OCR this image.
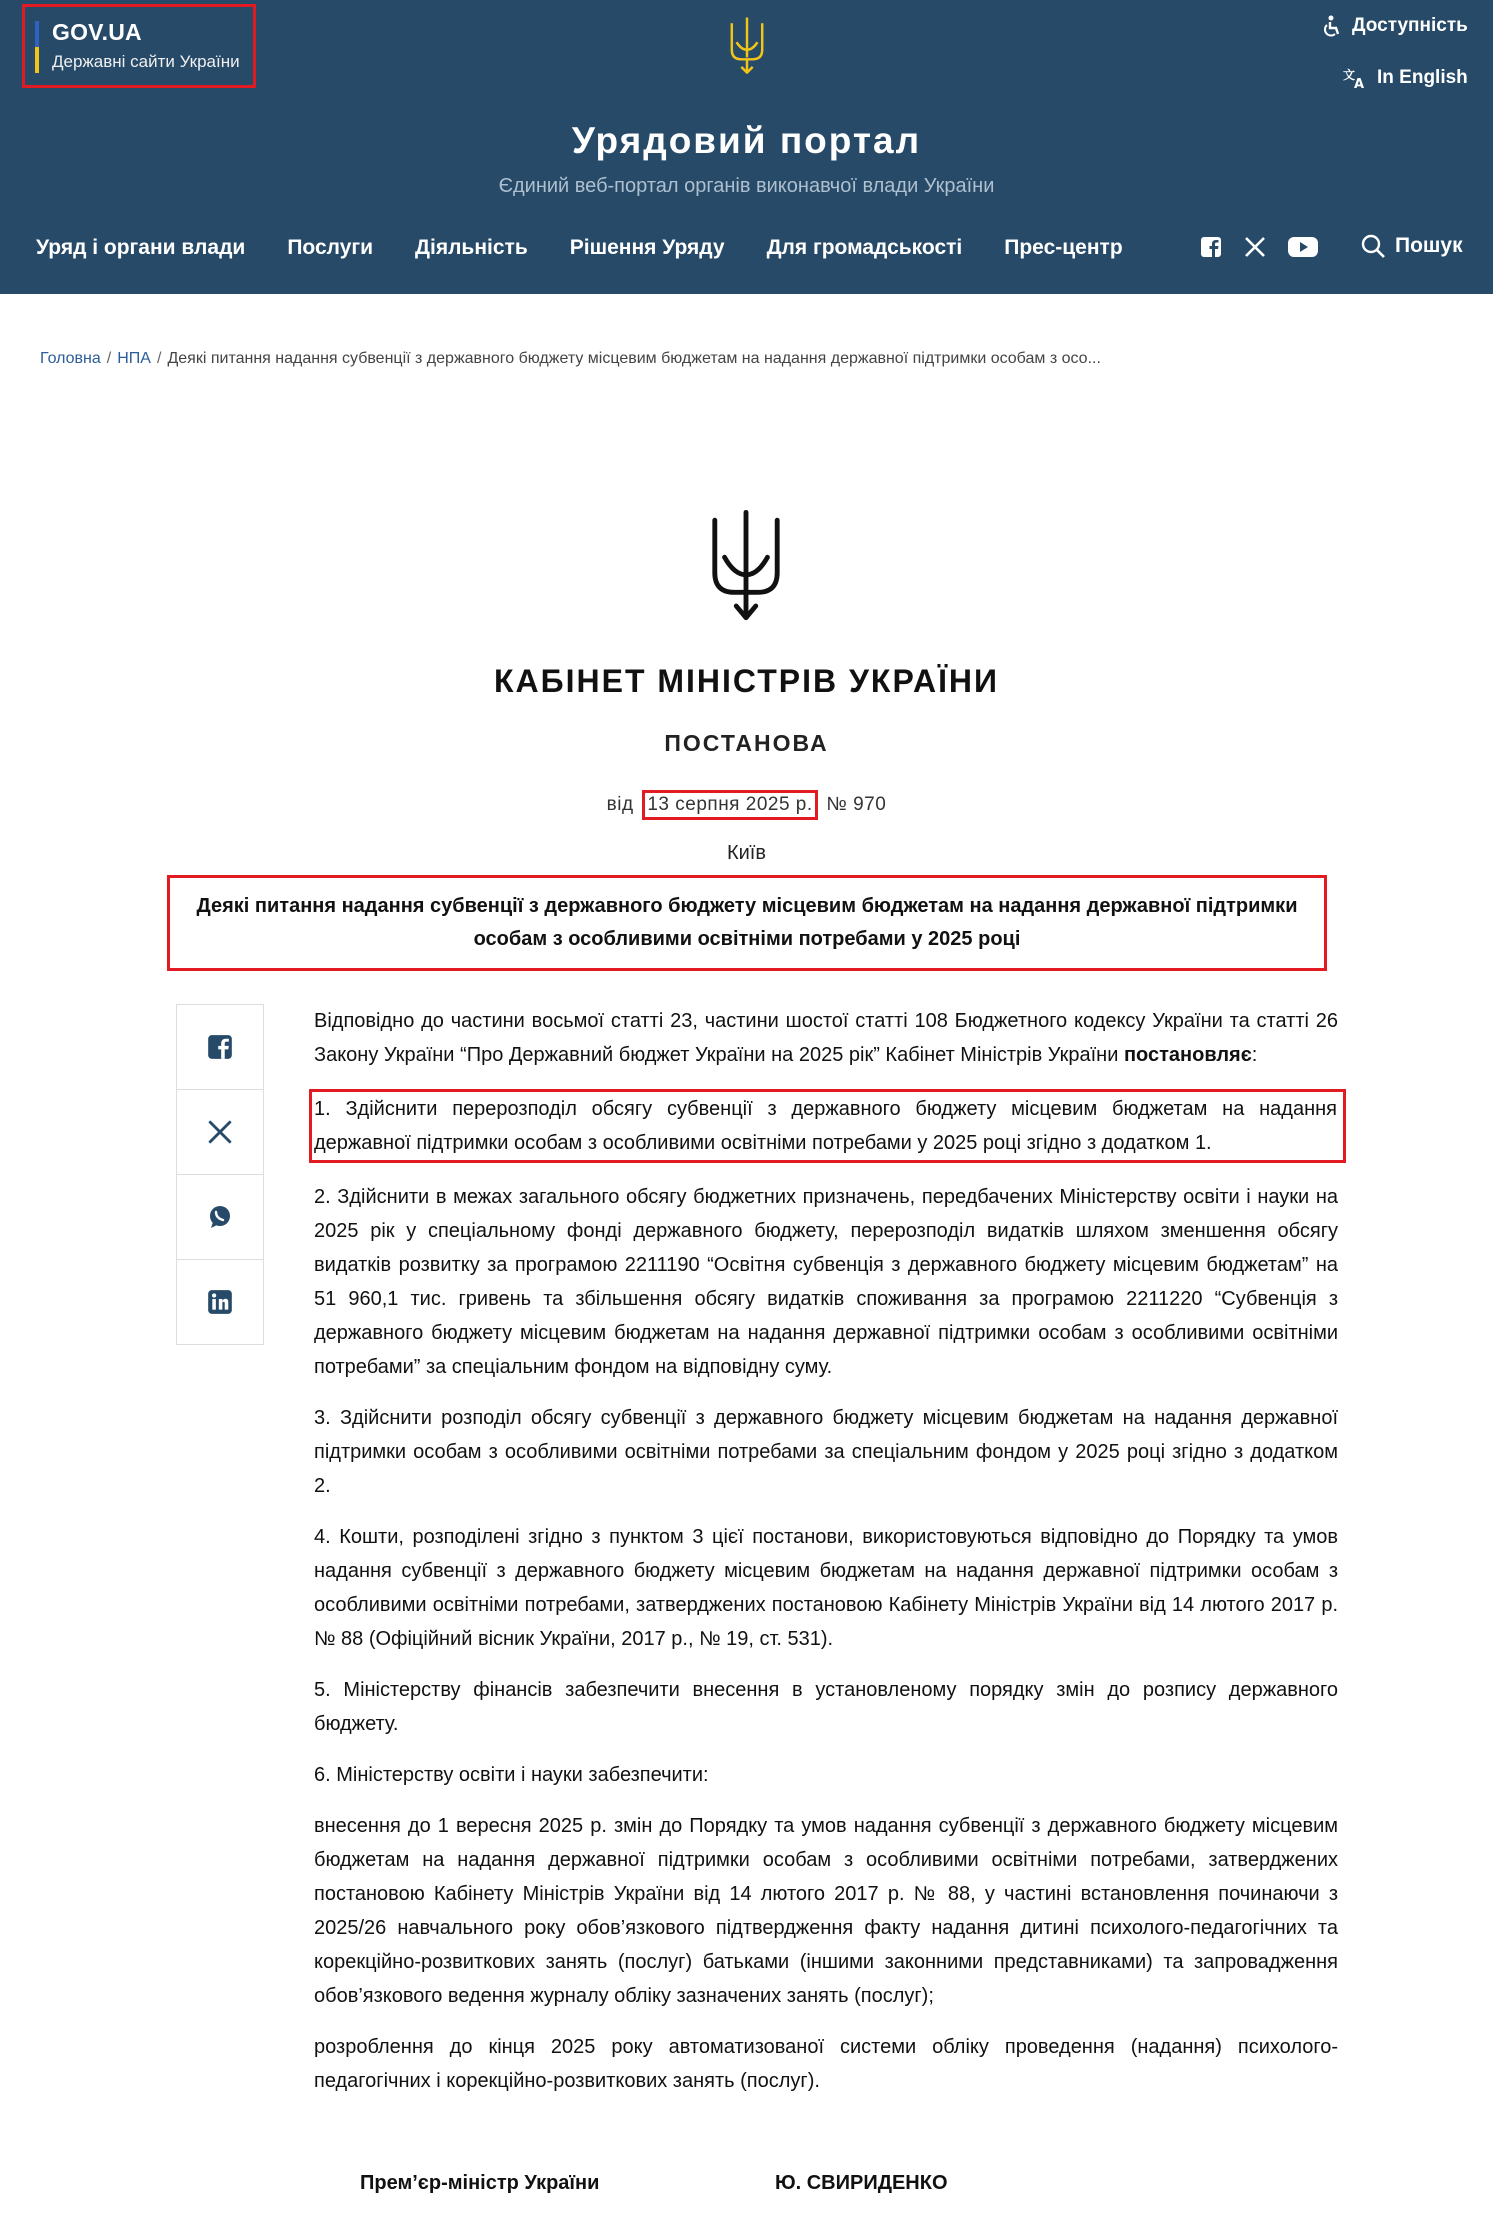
GOV.UA
Державні сайти України
Доступність
文
A In English
Урядовий портал
Єдиний веб-портал органів виконавчої влади України
Уряд і органи влади Послуги Діяльність Рішення Уряду Для громадськості Прес-центр	Пошук
Головна / НПА / Деякі питання надання субвенції з державного бюджету місцевим бюджетам на надання державної підтримки особам з осо...
КАБІНЕТ МІНІСТРІВ УКРАЇНИ
ПОСТАНОВА
від 13 серпня 2025 р. № 970
Київ
Деякі питання надання субвенції з державного бюджету місцевим бюджетам на надання державної підтримки особам з особливими освітніми потребами у 2025 році

Відповідно до частини восьмої статті 23, частини шостої статті 108 Бюджетного кодексу України та статті 26 Закону України “Про Державний бюджет України на 2025 рік” Кабінет Міністрів України постановляє:

1. Здійснити перерозподіл обсягу субвенції з державного бюджету місцевим бюджетам на надання державної підтримки особам з особливими освітніми потребами у 2025 році згідно з додатком 1.

2. Здійснити в межах загального обсягу бюджетних призначень, передбачених Міністерству освіти і науки на 2025 рік у спеціальному фонді державного бюджету, перерозподіл видатків шляхом зменшення обсягу видатків розвитку за програмою 2211190 “Освітня субвенція з державного бюджету місцевим бюджетам” на 51 960,1 тис. гривень та збільшення обсягу видатків споживання за програмою 2211220 “Субвенція з державного бюджету місцевим бюджетам на надання державної підтримки особам з особливими освітніми потребами” за спеціальним фондом на відповідну суму.

3. Здійснити розподіл обсягу субвенції з державного бюджету місцевим бюджетам на надання державної підтримки особам з особливими освітніми потребами за спеціальним фондом у 2025 році згідно з додатком 2.

4. Кошти, розподілені згідно з пунктом 3 цієї постанови, використовуються відповідно до Порядку та умов надання субвенції з державного бюджету місцевим бюджетам на надання державної підтримки особам з особливими освітніми потребами, затверджених постановою Кабінету Міністрів України від 14 лютого 2017 р. № 88 (Офіційний вісник України, 2017 р., № 19, ст. 531).

5. Міністерству фінансів забезпечити внесення в установленому порядку змін до розпису державного бюджету.

6. Міністерству освіти і науки забезпечити:

внесення до 1 вересня 2025 р. змін до Порядку та умов надання субвенції з державного бюджету місцевим бюджетам на надання державної підтримки особам з особливими освітніми потребами, затверджених постановою Кабінету Міністрів України від 14 лютого 2017 р. № 88, у частині встановлення починаючи з 2025/26 навчального року обов’язкового підтвердження факту надання дитині психолого-педагогічних та корекційно-розвиткових занять (послуг) батьками (іншими законними представниками) та запровадження обов’язкового ведення журналу обліку зазначених занять (послуг);

розроблення до кінця 2025 року автоматизованої системи обліку проведення (надання) психолого-педагогічних і корекційно-розвиткових занять (послуг).

Прем’єр-міністр України	Ю. СВИРИДЕНКО
